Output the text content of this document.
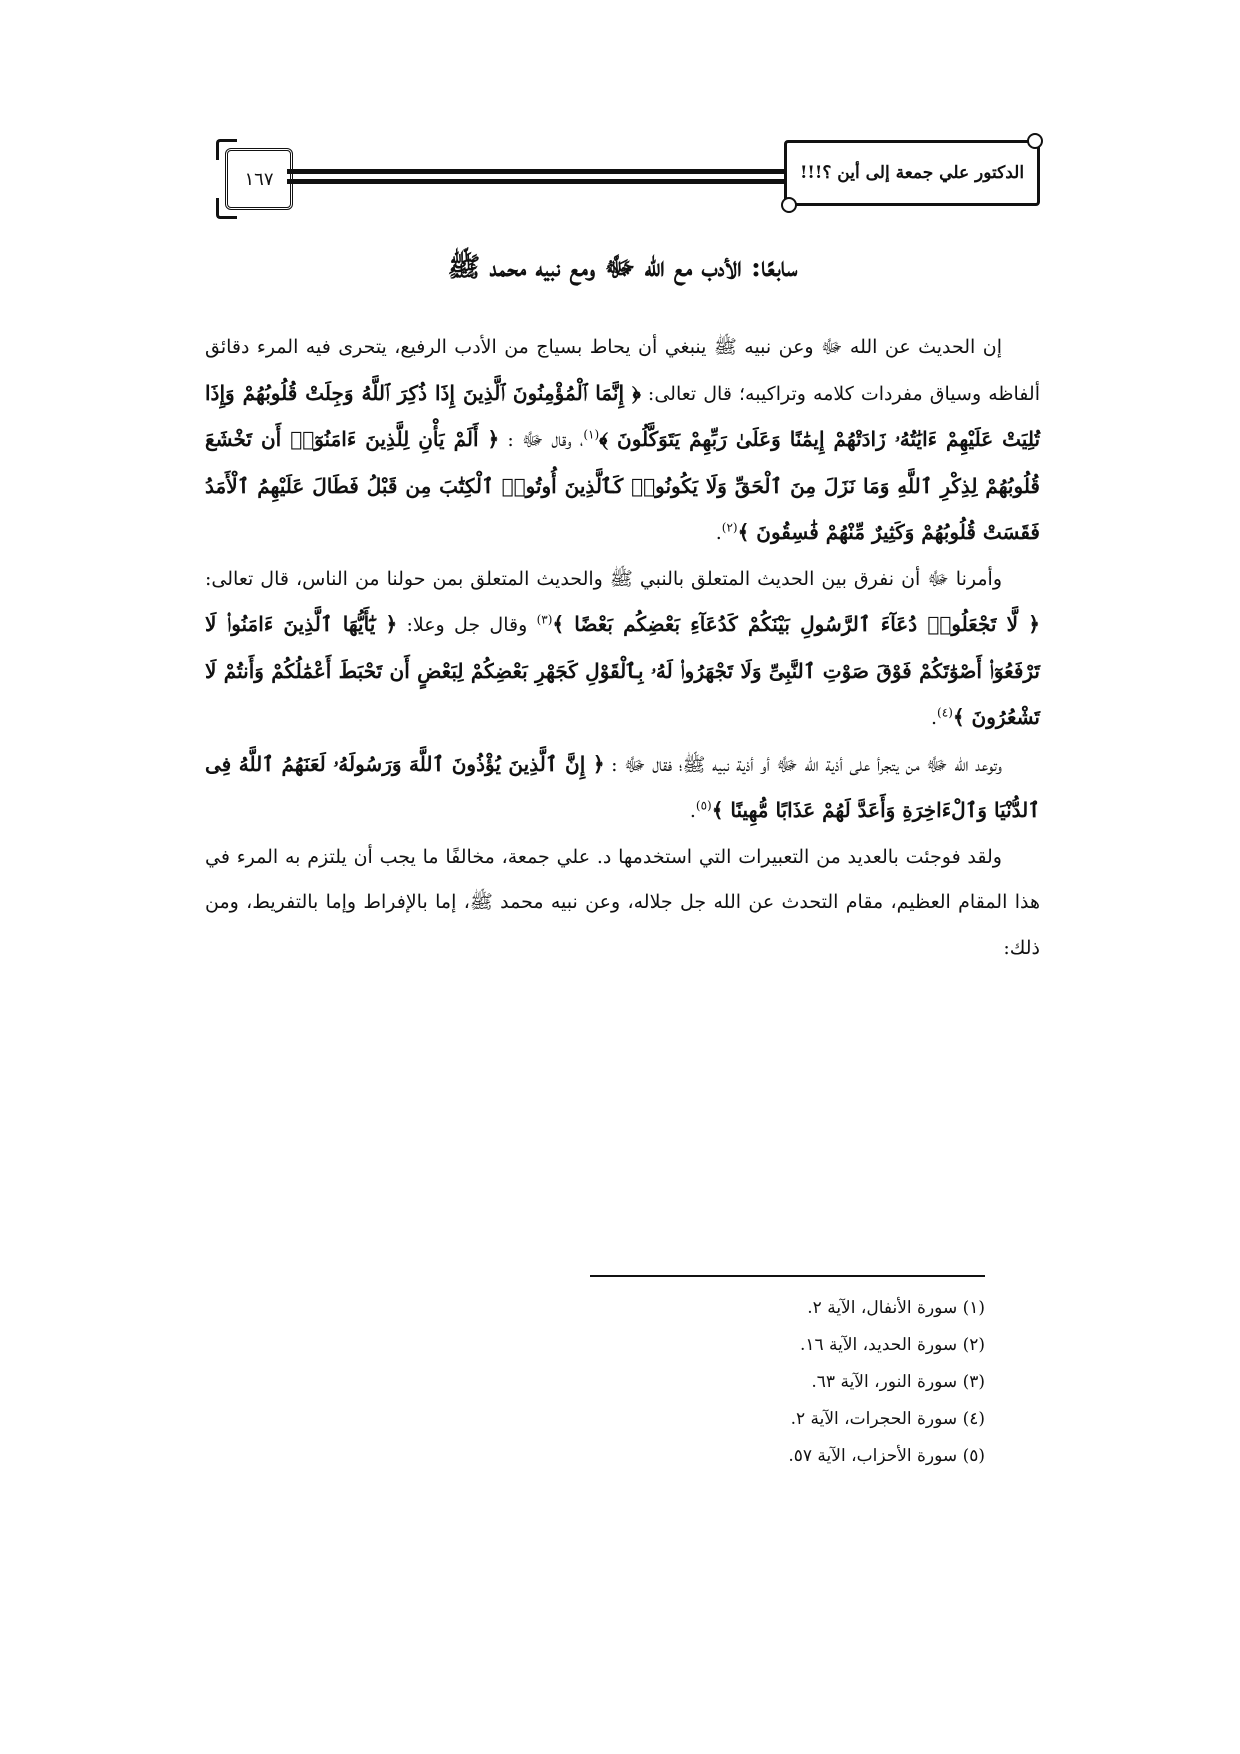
١٦٧	الدكتور علي جمعة إلى أين ؟!!!
سابعًا: الأدب مع الله ﷻ ومع نبيه محمد ﷺ

إن الحديث عن الله ﷻ وعن نبيه ﷺ ينبغي أن يحاط بسياج من الأدب الرفيع، يتحرى فيه المرء دقائق ألفاظه وسياق مفردات كلامه وتراكيبه؛ قال تعالى: ﴿ إِنَّمَا ٱلْمُؤْمِنُونَ ٱلَّذِينَ إِذَا ذُكِرَ ٱللَّهُ وَجِلَتْ قُلُوبُهُمْ وَإِذَا تُلِيَتْ عَلَيْهِمْ ءَايَٰتُهُۥ زَادَتْهُمْ إِيمَٰنًا وَعَلَىٰ رَبِّهِمْ يَتَوَكَّلُونَ ﴾$^{(١)}$، وقال ﷻ : ﴿ أَلَمْ يَأْنِ لِلَّذِينَ ءَامَنُوٓا۟ أَن تَخْشَعَ قُلُوبُهُمْ لِذِكْرِ ٱللَّهِ وَمَا نَزَلَ مِنَ ٱلْحَقِّ وَلَا يَكُونُوا۟ كَٱلَّذِينَ أُوتُوا۟ ٱلْكِتَٰبَ مِن قَبْلُ فَطَالَ عَلَيْهِمُ ٱلْأَمَدُ فَقَسَتْ قُلُوبُهُمْ وَكَثِيرٌ مِّنْهُمْ فَٰسِقُونَ ﴾$^{(٢)}$.

وأمرنا ﷻ أن نفرق بين الحديث المتعلق بالنبي ﷺ والحديث المتعلق بمن حولنا من الناس، قال تعالى: ﴿ لَّا تَجْعَلُوا۟ دُعَآءَ ٱلرَّسُولِ بَيْنَكُمْ كَدُعَآءِ بَعْضِكُم بَعْضًا ﴾$^{(٣)}$ وقال جل وعلا: ﴿ يَٰٓأَيُّهَا ٱلَّذِينَ ءَامَنُوا۟ لَا تَرْفَعُوٓا۟ أَصْوَٰتَكُمْ فَوْقَ صَوْتِ ٱلنَّبِىِّ وَلَا تَجْهَرُوا۟ لَهُۥ بِٱلْقَوْلِ كَجَهْرِ بَعْضِكُمْ لِبَعْضٍ أَن تَحْبَطَ أَعْمَٰلُكُمْ وَأَنتُمْ لَا تَشْعُرُونَ ﴾$^{(٤)}$.

وتوعد الله ﷻ من يتجرأ على أذية الله ﷻ أو أذية نبيه ﷺ؛ فقال ﷻ : ﴿ إِنَّ ٱلَّذِينَ يُؤْذُونَ ٱللَّهَ وَرَسُولَهُۥ لَعَنَهُمُ ٱللَّهُ فِى ٱلدُّنْيَا وَٱلْءَاخِرَةِ وَأَعَدَّ لَهُمْ عَذَابًا مُّهِينًا ﴾$^{(٥)}$.

ولقد فوجئت بالعديد من التعبيرات التي استخدمها د. علي جمعة، مخالفًا ما يجب أن يلتزم به المرء في هذا المقام العظيم، مقام التحدث عن الله جل جلاله، وعن نبيه محمد ﷺ، إما بالإفراط وإما بالتفريط، ومن ذلك:

(١) سورة الأنفال، الآية ٢.

(٢) سورة الحديد، الآية ١٦.

(٣) سورة النور، الآية ٦٣.

(٤) سورة الحجرات، الآية ٢.

(٥) سورة الأحزاب، الآية ٥٧.
